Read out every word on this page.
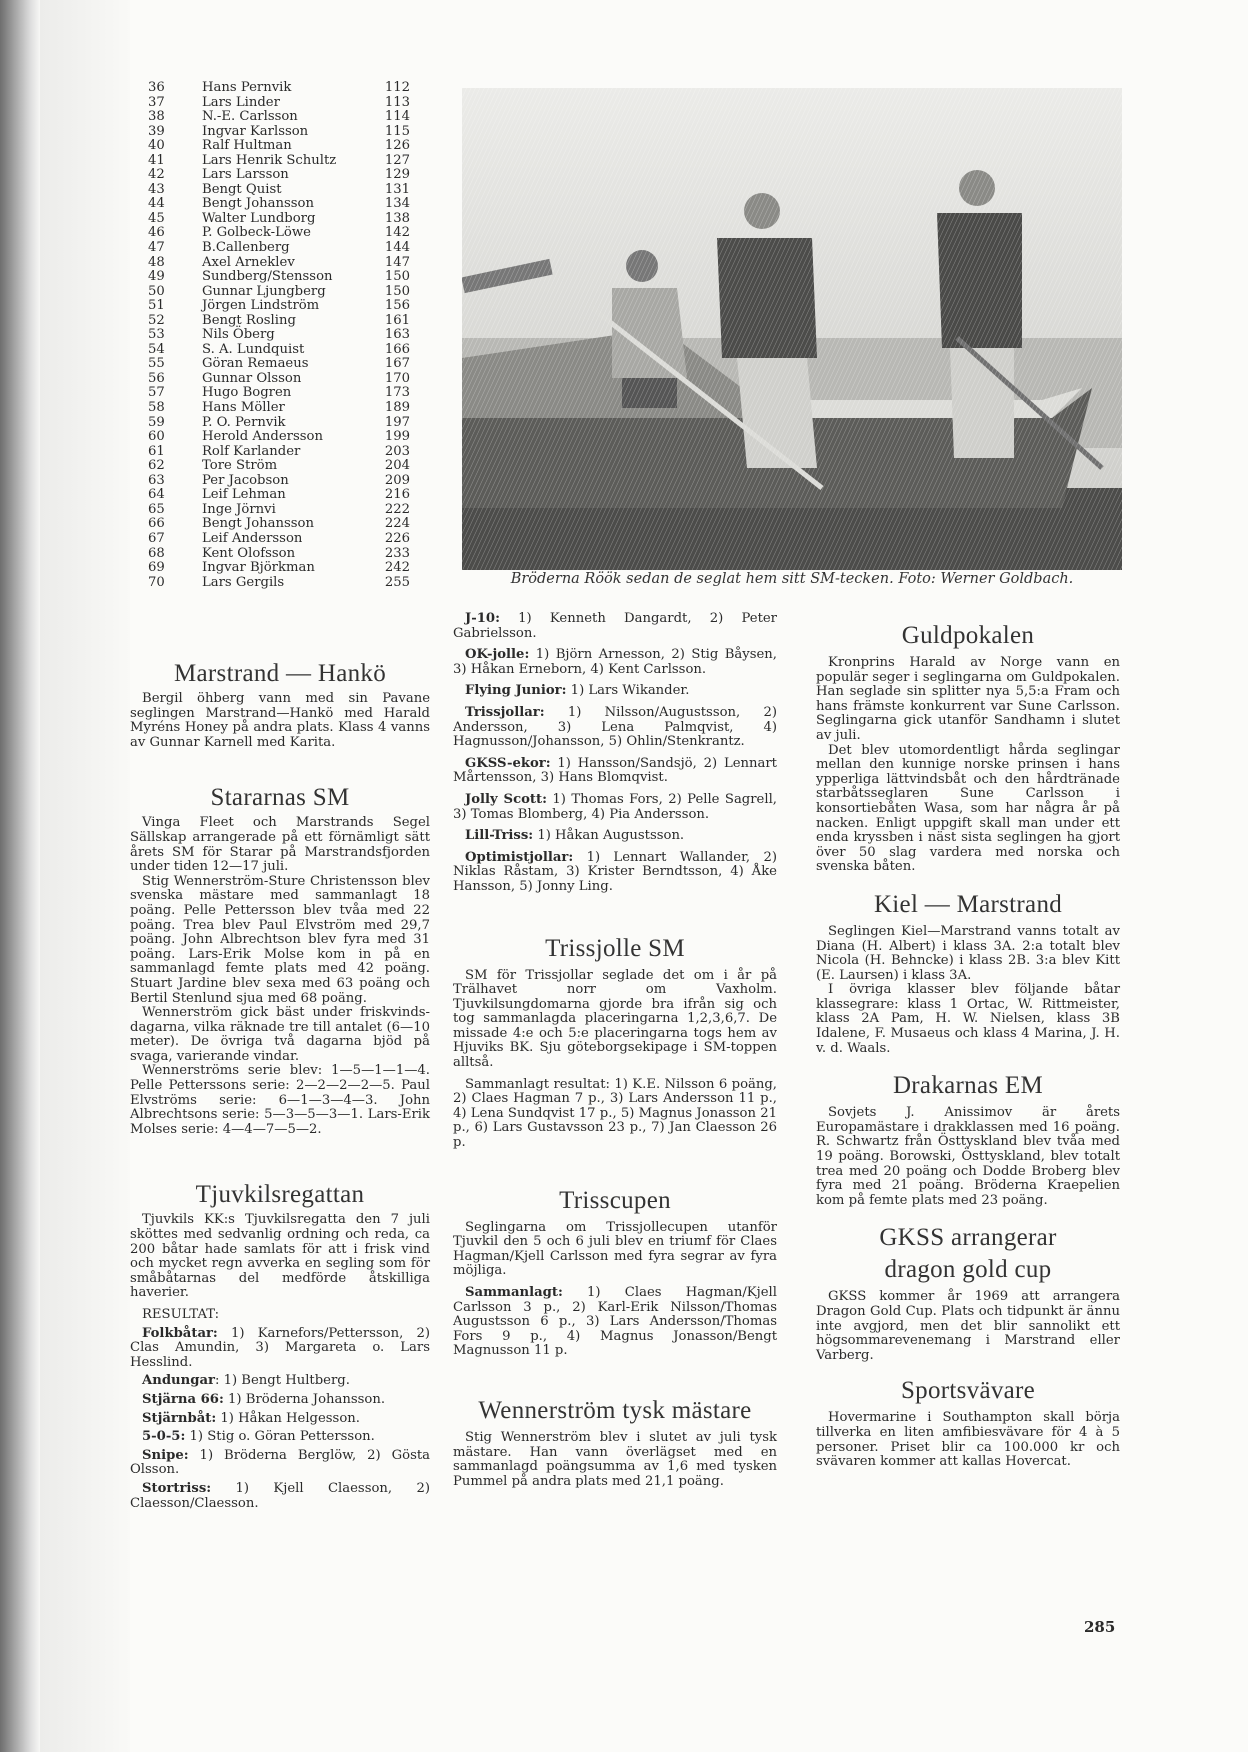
36	Hans Pernvik	112
37	Lars Linder	113
38	N.-E. Carlsson	114
39	Ingvar Karlsson	115
40	Ralf Hultman	126
41	Lars Henrik Schultz	127
42	Lars Larsson	129
43	Bengt Quist	131
44	Bengt Johansson	134
45	Walter Lundborg	138
46	P. Golbeck-Löwe	142
47	B.Callenberg	144
48	Axel Arneklev	147
49	Sundberg/Stensson	150
50	Gunnar Ljungberg	150
51	Jörgen Lindström	156
52	Bengt Rosling	161
53	Nils Öberg	163
54	S. A. Lundquist	166
55	Göran Remaeus	167
56	Gunnar Olsson	170
57	Hugo Bogren	173
58	Hans Möller	189
59	P. O. Pernvik	197
60	Herold Andersson	199
61	Rolf Karlander	203
62	Tore Ström	204
63	Per Jacobson	209
64	Leif Lehman	216
65	Inge Jörnvi	222
66	Bengt Johansson	224
67	Leif Andersson	226
68	Kent Olofsson	233
69	Ingvar Björkman	242
70	Lars Gergils	255
Marstrand — Hankö

Bergil öhberg vann med sin Pavane seglingen Marstrand—Hankö med Harald Myréns Honey på andra plats. Klass 4 vanns av Gunnar Karnell med Karita.

Stararnas SM

Vinga Fleet och Marstrands Segel Sällskap arrangerade på ett förnämligt sätt årets SM för Starar på Marstrandsfjorden under tiden 12—17 juli.

Stig Wennerström-Sture Christensson blev svenska mästare med sammanlagt 18 poäng. Pelle Pettersson blev tvåa med 22 poäng. Trea blev Paul Elvström med 29,7 poäng. John Albrechtson blev fyra med 31 poäng. Lars-Erik Molse kom in på en sammanlagd femte plats med 42 poäng. Stuart Jardine blev sexa med 63 poäng och Bertil Stenlund sjua med 68 poäng.

Wennerström gick bäst under friskvinds-dagarna, vilka räknade tre till antalet (6—10 meter). De övriga två dagarna bjöd på svaga, varierande vindar.

Wennerströms serie blev: 1—5—1—1—4. Pelle Petterssons serie: 2—2—2—2—5. Paul Elvströms serie: 6—1—3—4—3. John Albrechtsons serie: 5—3—5—3—1. Lars-Erik Molses serie: 4—4—7—5—2.

Tjuvkilsregattan

Tjuvkils KK:s Tjuvkilsregatta den 7 juli sköttes med sedvanlig ordning och reda, ca 200 båtar hade samlats för att i frisk vind och mycket regn avverka en segling som för småbåtarnas del medförde åtskilliga haverier.

RESULTAT:

Folkbåtar: 1) Karnefors/Pettersson, 2) Clas Amundin, 3) Margareta o. Lars Hesslind.

Andungar: 1) Bengt Hultberg.

Stjärna 66: 1) Bröderna Johansson.

Stjärnbåt: 1) Håkan Helgesson.

5-0-5: 1) Stig o. Göran Pettersson.

Snipe: 1) Bröderna Berglöw, 2) Gösta Olsson.

Stortriss: 1) Kjell Claesson, 2) Claesson/Claesson.

Bröderna Röök sedan de seglat hem sitt SM-tecken. Foto: Werner Goldbach.

J-10: 1) Kenneth Dangardt, 2) Peter Gabrielsson.

OK-jolle: 1) Björn Arnesson, 2) Stig Båysen, 3) Håkan Erneborn, 4) Kent Carlsson.

Flying Junior: 1) Lars Wikander.

Trissjollar: 1) Nilsson/Augustsson, 2) Andersson, 3) Lena Palmqvist, 4) Hagnusson/Johansson, 5) Ohlin/Stenkrantz.

GKSS-ekor: 1) Hansson/Sandsjö, 2) Lennart Mårtensson, 3) Hans Blomqvist.

Jolly Scott: 1) Thomas Fors, 2) Pelle Sagrell, 3) Tomas Blomberg, 4) Pia Andersson.

Lill-Triss: 1) Håkan Augustsson.

Optimistjollar: 1) Lennart Wallander, 2) Niklas Råstam, 3) Krister Berndtsson, 4) Åke Hansson, 5) Jonny Ling.

Trissjolle SM

SM för Trissjollar seglade det om i år på Trälhavet norr om Vaxholm. Tjuvkilsungdomarna gjorde bra ifrån sig och tog sammanlagda placeringarna 1,2,3,6,7. De missade 4:e och 5:e placeringarna togs hem av Hjuviks BK. Sju göteborgsekipage i SM-toppen alltså.

Sammanlagt resultat: 1) K.E. Nilsson 6 poäng, 2) Claes Hagman 7 p., 3) Lars Andersson 11 p., 4) Lena Sundqvist 17 p., 5) Magnus Jonasson 21 p., 6) Lars Gustavsson 23 p., 7) Jan Claesson 26 p.

Trisscupen

Seglingarna om Trissjollecupen utanför Tjuvkil den 5 och 6 juli blev en triumf för Claes Hagman/Kjell Carlsson med fyra segrar av fyra möjliga.

Sammanlagt: 1) Claes Hagman/Kjell Carlsson 3 p., 2) Karl-Erik Nilsson/Thomas Augustsson 6 p., 3) Lars Andersson/Thomas Fors 9 p., 4) Magnus Jonasson/Bengt Magnusson 11 p.

Wennerström tysk mästare

Stig Wennerström blev i slutet av juli tysk mästare. Han vann överlägset med en sammanlagd poängsumma av 1,6 med tysken Pummel på andra plats med 21,1 poäng.

Guldpokalen

Kronprins Harald av Norge vann en populär seger i seglingarna om Guldpokalen. Han seglade sin splitter nya 5,5:a Fram och hans främste konkurrent var Sune Carlsson. Seglingarna gick utanför Sandhamn i slutet av juli.

Det blev utomordentligt hårda seglingar mellan den kunnige norske prinsen i hans ypperliga lättvindsbåt och den hårdtränade starbåtsseglaren Sune Carlsson i konsortiebåten Wasa, som har några år på nacken. Enligt uppgift skall man under ett enda kryssben i näst sista seglingen ha gjort över 50 slag vardera med norska och svenska båten.

Kiel — Marstrand

Seglingen Kiel—Marstrand vanns totalt av Diana (H. Albert) i klass 3A. 2:a totalt blev Nicola (H. Behncke) i klass 2B. 3:a blev Kitt (E. Laursen) i klass 3A.

I övriga klasser blev följande båtar klassegrare: klass 1 Ortac, W. Rittmeister, klass 2A Pam, H. W. Nielsen, klass 3B Idalene, F. Musaeus och klass 4 Marina, J. H. v. d. Waals.

Drakarnas EM

Sovjets J. Anissimov är årets Europamästare i drakklassen med 16 poäng. R. Schwartz från Östtyskland blev tvåa med 19 poäng. Borowski, Östtyskland, blev totalt trea med 20 poäng och Dodde Broberg blev fyra med 21 poäng. Bröderna Kraepelien kom på femte plats med 23 poäng.

GKSS arrangerar
dragon gold cup

GKSS kommer år 1969 att arrangera Dragon Gold Cup. Plats och tidpunkt är ännu inte avgjord, men det blir sannolikt ett högsommarevenemang i Marstrand eller Varberg.

Sportsvävare

Hovermarine i Southampton skall börja tillverka en liten amfibiesvävare för 4 à 5 personer. Priset blir ca 100.000 kr och svävaren kommer att kallas Hovercat.

285
